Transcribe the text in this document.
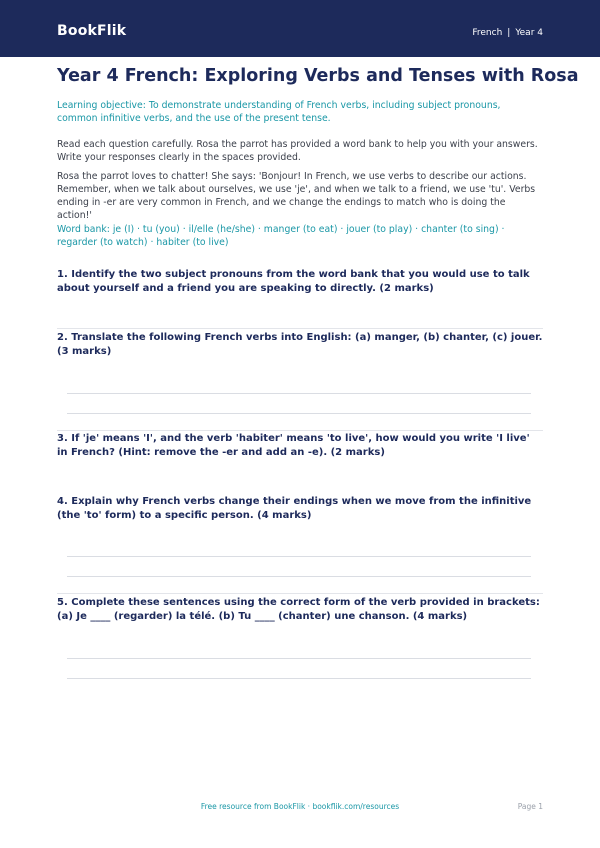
BookFlik	French | Year 4
Year 4 French: Exploring Verbs and Tenses with Rosa
Learning objective: To demonstrate understanding of French verbs, including subject pronouns, common infinitive verbs, and the use of the present tense.
Read each question carefully. Rosa the parrot has provided a word bank to help you with your answers. Write your responses clearly in the spaces provided.
Rosa the parrot loves to chatter! She says: 'Bonjour! In French, we use verbs to describe our actions. Remember, when we talk about ourselves, we use 'je', and when we talk to a friend, we use 'tu'. Verbs ending in -er are very common in French, and we change the endings to match who is doing the action!'
Word bank: je (I) · tu (you) · il/elle (he/she) · manger (to eat) · jouer (to play) · chanter (to sing) · regarder (to watch) · habiter (to live)
1. Identify the two subject pronouns from the word bank that you would use to talk about yourself and a friend you are speaking to directly. (2 marks)
2. Translate the following French verbs into English: (a) manger, (b) chanter, (c) jouer. (3 marks)
3. If 'je' means 'I', and the verb 'habiter' means 'to live', how would you write 'I live' in French? (Hint: remove the -er and add an -e). (2 marks)
4. Explain why French verbs change their endings when we move from the infinitive (the 'to' form) to a specific person. (4 marks)
5. Complete these sentences using the correct form of the verb provided in brackets: (a) Je ____ (regarder) la télé. (b) Tu ____ (chanter) une chanson. (4 marks)
Free resource from BookFlik · bookflik.com/resources	Page 1
